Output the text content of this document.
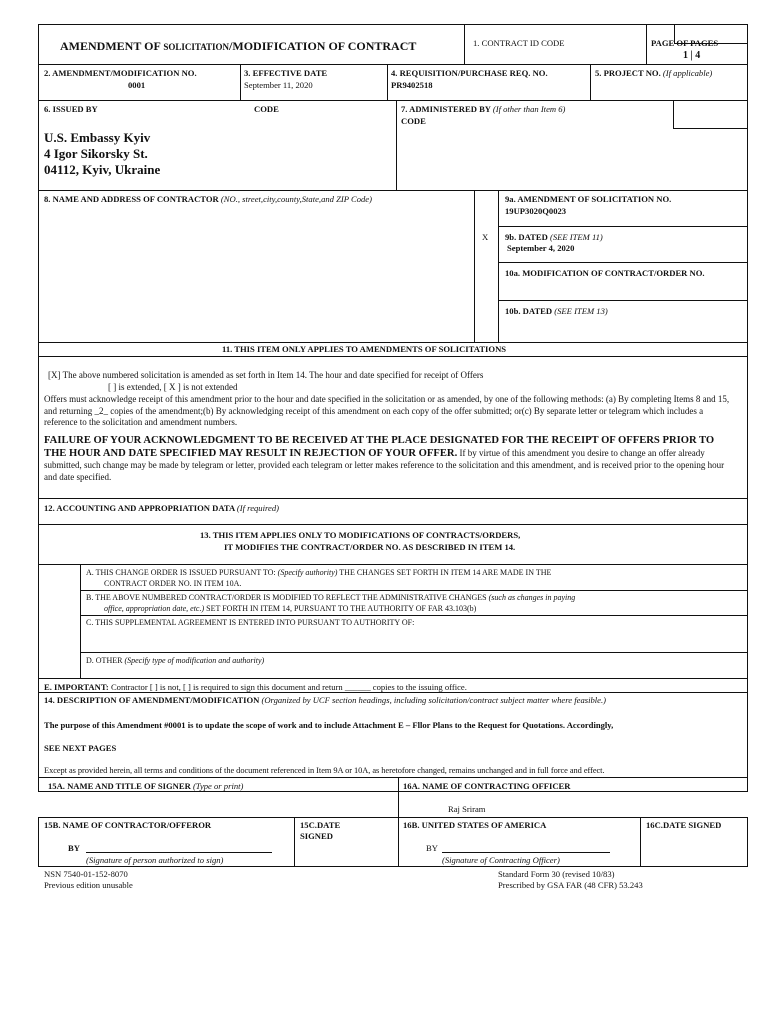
AMENDMENT OF SOLICITATION/MODIFICATION OF CONTRACT	1. CONTRACT ID CODE	PAGE OF PAGES
1 | 4
2. AMENDMENT/MODIFICATION NO.
0001
3. EFFECTIVE DATE
September 11, 2020
4. REQUISITION/PURCHASE REQ. NO.
PR9402518
5. PROJECT NO. (If applicable)
6. ISSUED BY	CODE	7. ADMINISTERED BY (If other than Item 6)
CODE
U.S. Embassy Kyiv
4 Igor Sikorsky St.
04112, Kyiv, Ukraine
8. NAME AND ADDRESS OF CONTRACTOR (NO., street,city,county,State,and ZIP Code)	9a. AMENDMENT OF SOLICITATION NO.
19UP3020Q0023
X 9b. DATED (SEE ITEM 11)
September 4, 2020
10a. MODIFICATION OF CONTRACT/ORDER NO.
10b. DATED (SEE ITEM 13)
11. THIS ITEM ONLY APPLIES TO AMENDMENTS OF SOLICITATIONS
[X] The above numbered solicitation is amended as set forth in Item 14. The hour and date specified for receipt of Offers
[ ] is extended, [ X ] is not extended
Offers must acknowledge receipt of this amendment prior to the hour and date specified in the solicitation or as amended, by one of the following methods: (a) By completing Items 8 and 15, and returning _2_ copies of the amendment;(b) By acknowledging receipt of this amendment on each copy of the offer submitted; or(c) By separate letter or telegram which includes a reference to the solicitation and amendment numbers.
FAILURE OF YOUR ACKNOWLEDGMENT TO BE RECEIVED AT THE PLACE DESIGNATED FOR THE RECEIPT OF OFFERS PRIOR TO THE HOUR AND DATE SPECIFIED MAY RESULT IN REJECTION OF YOUR OFFER. If by virtue of this amendment you desire to change an offer already submitted, such change may be made by telegram or letter, provided each telegram or letter makes reference to the solicitation and this amendment, and is received prior to the opening hour and date specified.
12. ACCOUNTING AND APPROPRIATION DATA (If required)
13. THIS ITEM APPLIES ONLY TO MODIFICATIONS OF CONTRACTS/ORDERS,
IT MODIFIES THE CONTRACT/ORDER NO. AS DESCRIBED IN ITEM 14.
A. THIS CHANGE ORDER IS ISSUED PURSUANT TO: (Specify authority) THE CHANGES SET FORTH IN ITEM 14 ARE MADE IN THE
CONTRACT ORDER NO. IN ITEM 10A.
B. THE ABOVE NUMBERED CONTRACT/ORDER IS MODIFIED TO REFLECT THE ADMINISTRATIVE CHANGES (such as changes in paying
office, appropriation date, etc.) SET FORTH IN ITEM 14, PURSUANT TO THE AUTHORITY OF FAR 43.103(b)
C. THIS SUPPLEMENTAL AGREEMENT IS ENTERED INTO PURSUANT TO AUTHORITY OF:
D. OTHER (Specify type of modification and authority)
E. IMPORTANT: Contractor [ ] is not, [ ] is required to sign this document and return ______ copies to the issuing office.
14. DESCRIPTION OF AMENDMENT/MODIFICATION (Organized by UCF section headings, including solicitation/contract subject matter where feasible.)
The purpose of this Amendment #0001 is to update the scope of work and to include Attachment E – Fllor Plans to the Request for Quotations. Accordingly,
SEE NEXT PAGES
Except as provided herein, all terms and conditions of the document referenced in Item 9A or 10A, as heretofore changed, remains unchanged and in full force and effect.
15A. NAME AND TITLE OF SIGNER (Type or print)	16A. NAME OF CONTRACTING OFFICER
Raj Sriram
15B. NAME OF CONTRACTOR/OFFEROR	15C.DATE
SIGNED
16B. UNITED STATES OF AMERICA	16C.DATE SIGNED
BY
(Signature of person authorized to sign)
BY
(Signature of Contracting Officer)
NSN 7540-01-152-8070
Previous edition unusable
Standard Form 30 (revised 10/83)
Prescribed by GSA FAR (48 CFR) 53.243
